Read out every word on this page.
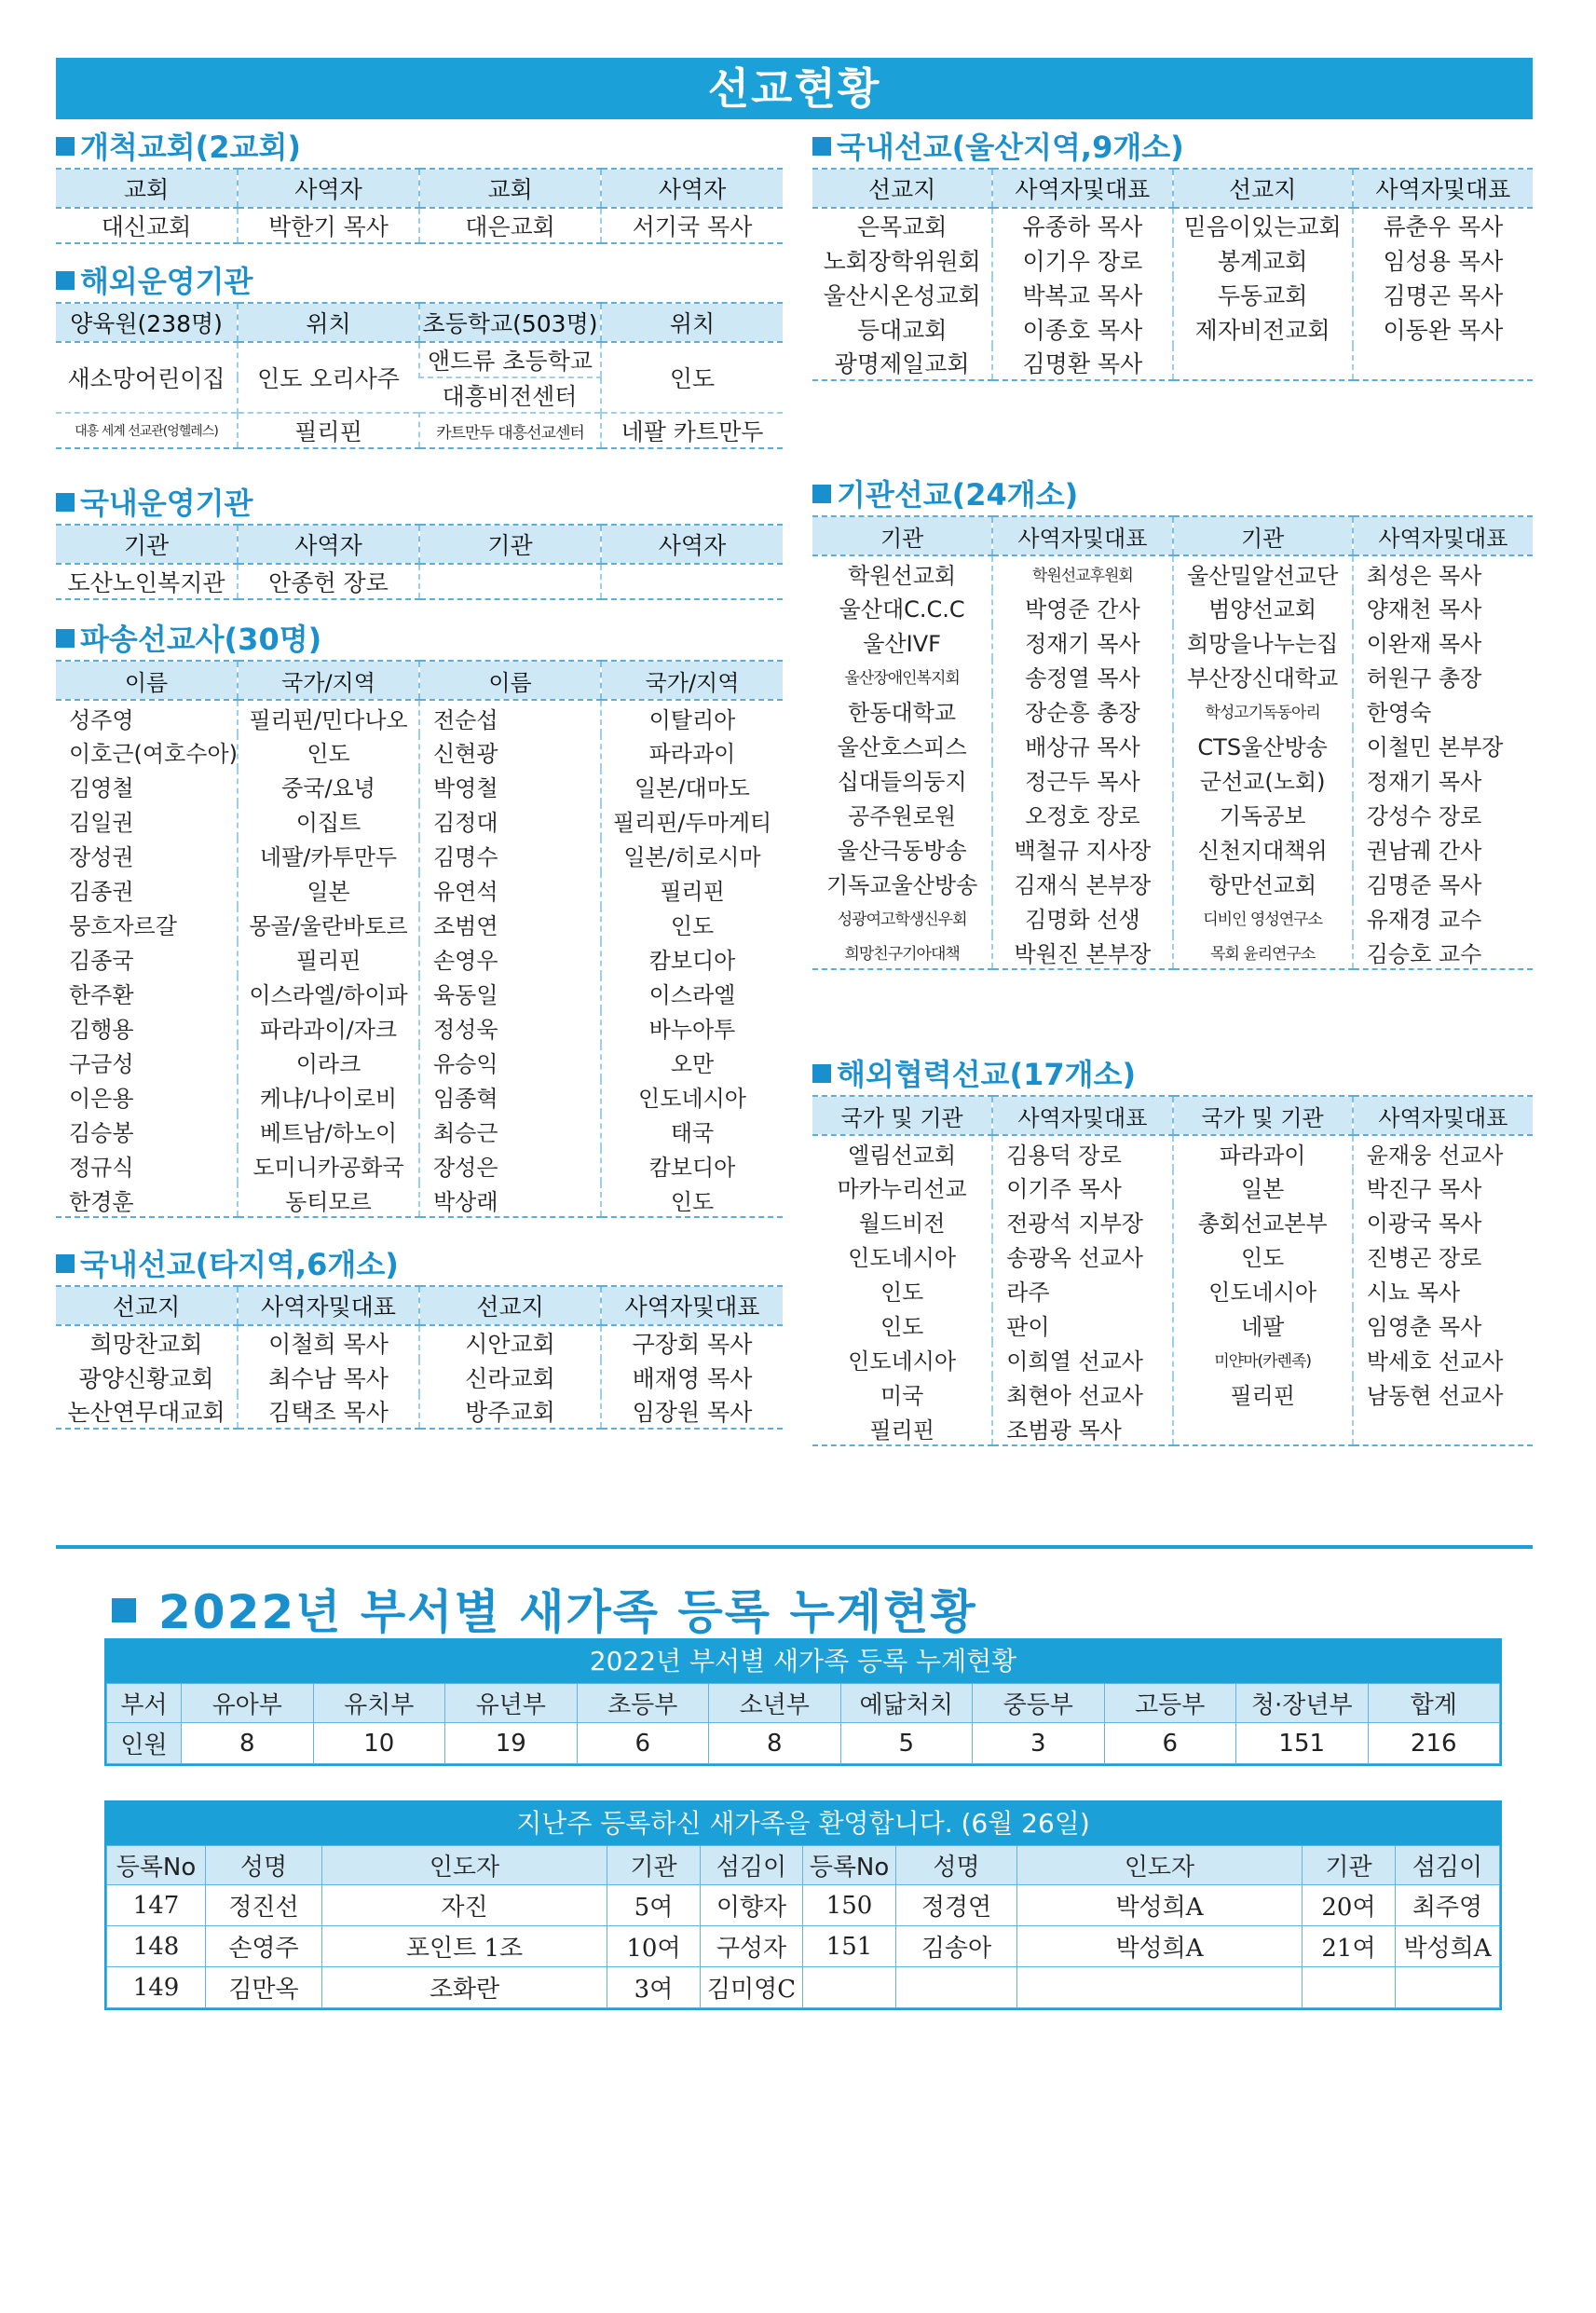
선교현황
개척교회(2교회)
교회	사역자	교회	사역자
대신교회	박한기 목사	대은교회	서기국 목사
해외운영기관
양육원(238명)	위치	초등학교(503명)	위치
새소망어린이집	인도 오리사주	앤드류 초등학교	인도
		대흥비전센터	
대흥 세계 선교관(엉헬레스)	필리핀	카트만두 대흥선교센터	네팔 카트만두
국내운영기관
기관	사역자	기관	사역자
도산노인복지관	안종헌 장로		
파송선교사(30명)
이름	국가/지역	이름	국가/지역
성주영	필리핀/민다나오	전순섭	이탈리아
이호근(여호수아)	인도	신현광	파라과이
김영철	중국/요녕	박영철	일본/대마도
김일권	이집트	김정대	필리핀/두마게티
장성권	네팔/카투만두	김명수	일본/히로시마
김종권	일본	유연석	필리핀
뭉흐자르갈	몽골/울란바토르	조범연	인도
김종국	필리핀	손영우	캄보디아
한주환	이스라엘/하이파	육동일	이스라엘
김행용	파라과이/자크	정성욱	바누아투
구금성	이라크	유승익	오만
이은용	케냐/나이로비	임종혁	인도네시아
김승봉	베트남/하노이	최승근	태국
정규식	도미니카공화국	장성은	캄보디아
한경훈	동티모르	박상래	인도
국내선교(타지역,6개소)
선교지	사역자및대표	선교지	사역자및대표
희망찬교회	이철희 목사	시안교회	구장회 목사
광양신황교회	최수남 목사	신라교회	배재영 목사
논산연무대교회	김택조 목사	방주교회	임장원 목사
국내선교(울산지역,9개소)
선교지	사역자및대표	선교지	사역자및대표
은목교회	유종하 목사	믿음이있는교회	류춘우 목사
노회장학위원회	이기우 장로	봉계교회	임성용 목사
울산시온성교회	박복교 목사	두동교회	김명곤 목사
등대교회	이종호 목사	제자비전교회	이동완 목사
광명제일교회	김명환 목사		
기관선교(24개소)
기관	사역자및대표	기관	사역자및대표
학원선교회	학원선교후원회	울산밀알선교단	최성은 목사
울산대C.C.C	박영준 간사	범양선교회	양재천 목사
울산IVF	정재기 목사	희망을나누는집	이완재 목사
울산장애인복지회	송정열 목사	부산장신대학교	허원구 총장
한동대학교	장순흥 총장	학성고기독동아리	한영숙
울산호스피스	배상규 목사	CTS울산방송	이철민 본부장
십대들의둥지	정근두 목사	군선교(노회)	정재기 목사
공주원로원	오정호 장로	기독공보	강성수 장로
울산극동방송	백철규 지사장	신천지대책위	권남궤 간사
기독교울산방송	김재식 본부장	항만선교회	김명준 목사
성광여고학생신우회	김명화 선생	디비인 영성연구소	유재경 교수
희망친구기아대책	박원진 본부장	목회 윤리연구소	김승호 교수
해외협력선교(17개소)
국가 및 기관	사역자및대표	국가 및 기관	사역자및대표
엘림선교회	김용덕 장로	파라과이	윤재웅 선교사
마카누리선교	이기주 목사	일본	박진구 목사
월드비전	전광석 지부장	총회선교본부	이광국 목사
인도네시아	송광옥 선교사	인도	진병곤 장로
인도	라주	인도네시아	시뇨 목사
인도	판이	네팔	임영춘 목사
인도네시아	이희열 선교사	미얀마(카렌족)	박세호 선교사
미국	최현아 선교사	필리핀	남동현 선교사
필리핀	조범광 목사		
2022년 부서별 새가족 등록 누계현황
2022년 부서별 새가족 등록 누계현황
부서	유아부	유치부	유년부	초등부	소년부	예닮처치	중등부	고등부	청·장년부	합계
인원	8	10	19	6	8	5	3	6	151	216
지난주 등록하신 새가족을 환영합니다. (6월 26일)
등록No	성명	인도자	기관	섬김이	등록No	성명	인도자	기관	섬김이
147	정진선	자진	5여	이향자	150	정경연	박성희A	20여	최주영
148	손영주	포인트 1조	10여	구성자	151	김송아	박성희A	21여	박성희A
149	김만옥	조화란	3여	김미영C					
